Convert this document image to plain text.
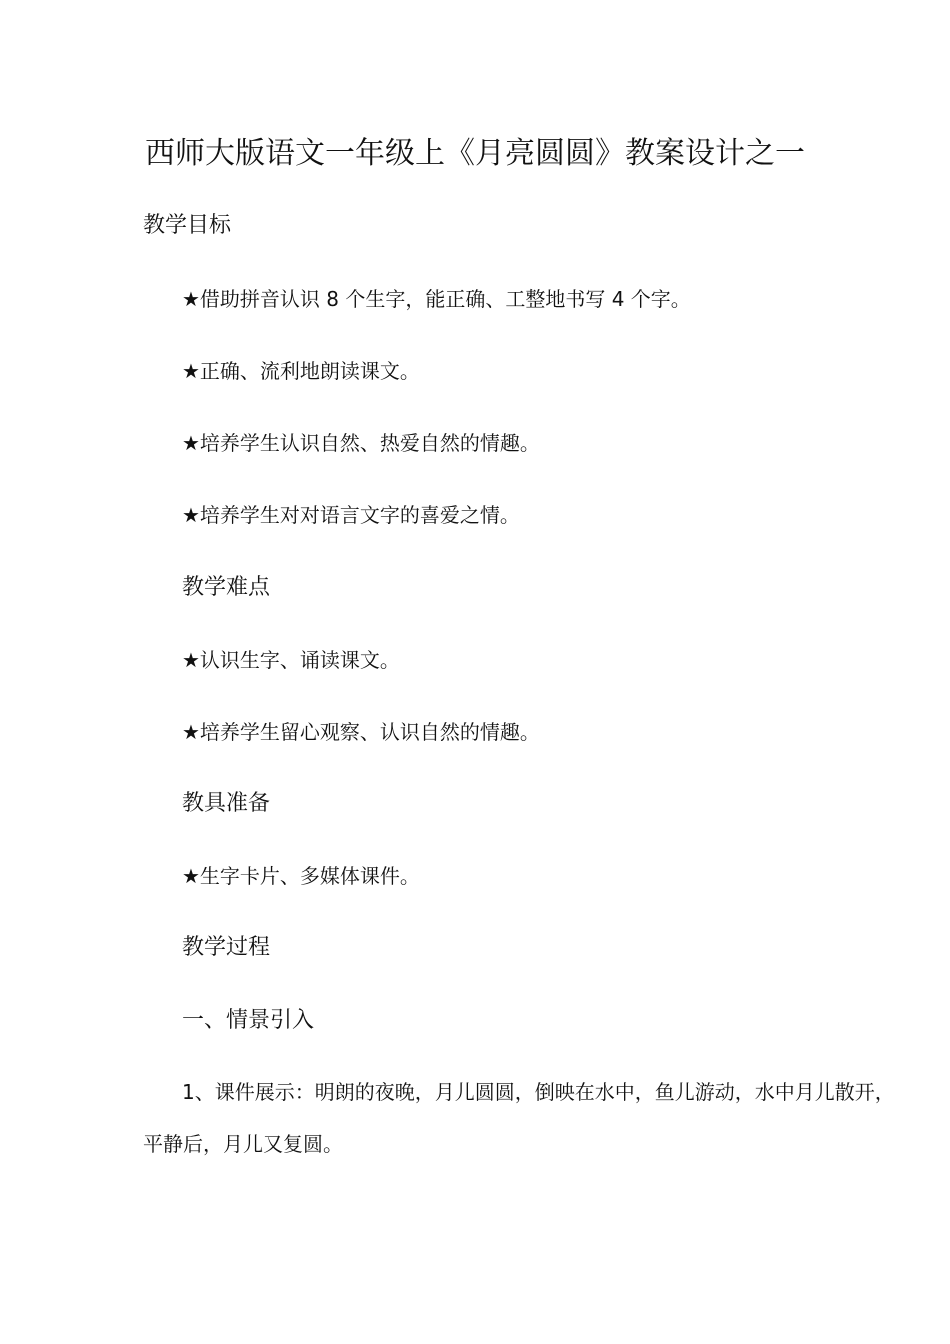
西师大版语文一年级上《月亮圆圆》教案设计之一
教学目标
★借助拼音认识 8 个生字，能正确、工整地书写 4 个字。
★正确、流利地朗读课文。
★培养学生认识自然、热爱自然的情趣。
★培养学生对对语言文字的喜爱之情。
教学难点
★认识生字、诵读课文。
★培养学生留心观察、认识自然的情趣。
教具准备
★生字卡片、多媒体课件。
教学过程
一、情景引入
1、课件展示：明朗的夜晚，月儿圆圆，倒映在水中，鱼儿游动，水中月儿散开，
平静后，月儿又复圆。
